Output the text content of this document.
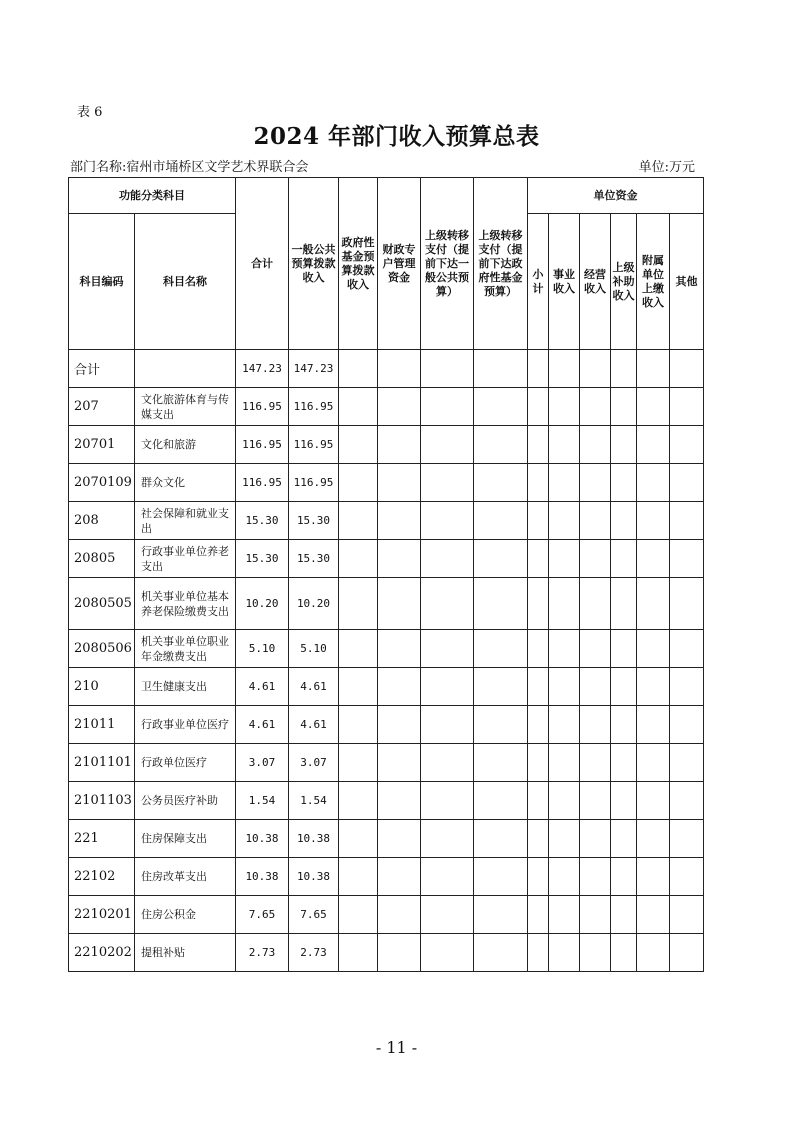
表 6
2024 年部门收入预算总表
部门名称:宿州市埇桥区文学艺术界联合会	单位:万元
功能分类科目		合计	一般公共预算拨款收入	政府性基金预算拨款收入	财政专户管理资金	上级转移支付（提前下达一般公共预算）	上级转移支付（提前下达政府性基金预算）	单位资金					
科目编码	科目名称							小计	事业收入	经营收入	上级补助收入	附属单位上缴收入	其他
合计		147.23	147.23										
207	文化旅游体育与传媒支出	116.95	116.95										
20701	文化和旅游	116.95	116.95										
2070109	群众文化	116.95	116.95										
208	社会保障和就业支出	15.30	15.30										
20805	行政事业单位养老支出	15.30	15.30										
2080505	机关事业单位基本养老保险缴费支出	10.20	10.20										
2080506	机关事业单位职业年金缴费支出	5.10	5.10										
210	卫生健康支出	4.61	4.61										
21011	行政事业单位医疗	4.61	4.61										
2101101	行政单位医疗	3.07	3.07										
2101103	公务员医疗补助	1.54	1.54										
221	住房保障支出	10.38	10.38										
22102	住房改革支出	10.38	10.38										
2210201	住房公积金	7.65	7.65										
2210202	提租补贴	2.73	2.73										
- 11 -
